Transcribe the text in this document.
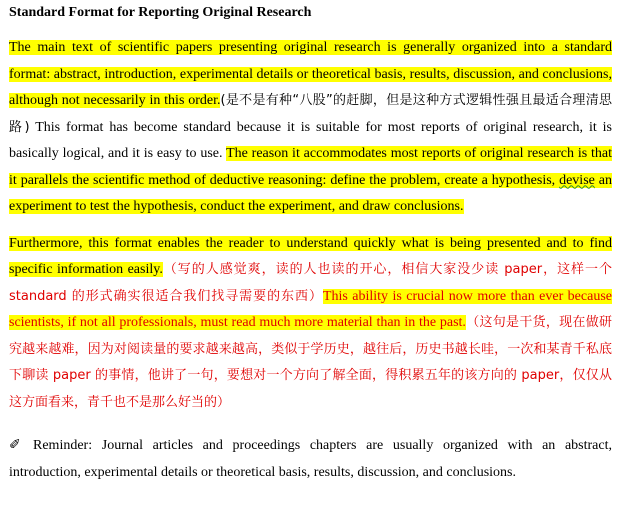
Standard Format for Reporting Original Research

The main text of scientific papers presenting original research is generally organized into a standard format: abstract, introduction, experimental details or theoretical basis, results, discussion, and conclusions, although not necessarily in this order.(是不是有种“八股”的赶脚，但是这种方式逻辑性强且最适合理清思路) This format has become standard because it is suitable for most reports of original research, it is basically logical, and it is easy to use. The reason it accommodates most reports of original research is that it parallels the scientific method of deductive reasoning: define the problem, create a hypothesis, devise an experiment to test the hypothesis, conduct the experiment, and draw conclusions.

Furthermore, this format enables the reader to understand quickly what is being presented and to find specific information easily.（写的人感觉爽，读的人也读的开心，相信大家没少读 paper，这样一个 standard 的形式确实很适合我们找寻需要的东西）This ability is crucial now more than ever because scientists, if not all professionals, must read much more material than in the past.（这句是干货，现在做研究越来越难，因为对阅读量的要求越来越高，类似于学历史，越往后，历史书越长哇，一次和某青千私底下聊读 paper 的事情，他讲了一句，要想对一个方向了解全面，得积累五年的该方向的 paper，仅仅从这方面看来，青千也不是那么好当的）

✐ Reminder: Journal articles and proceedings chapters are usually organized with an abstract, introduction, experimental details or theoretical basis, results, discussion, and conclusions.
